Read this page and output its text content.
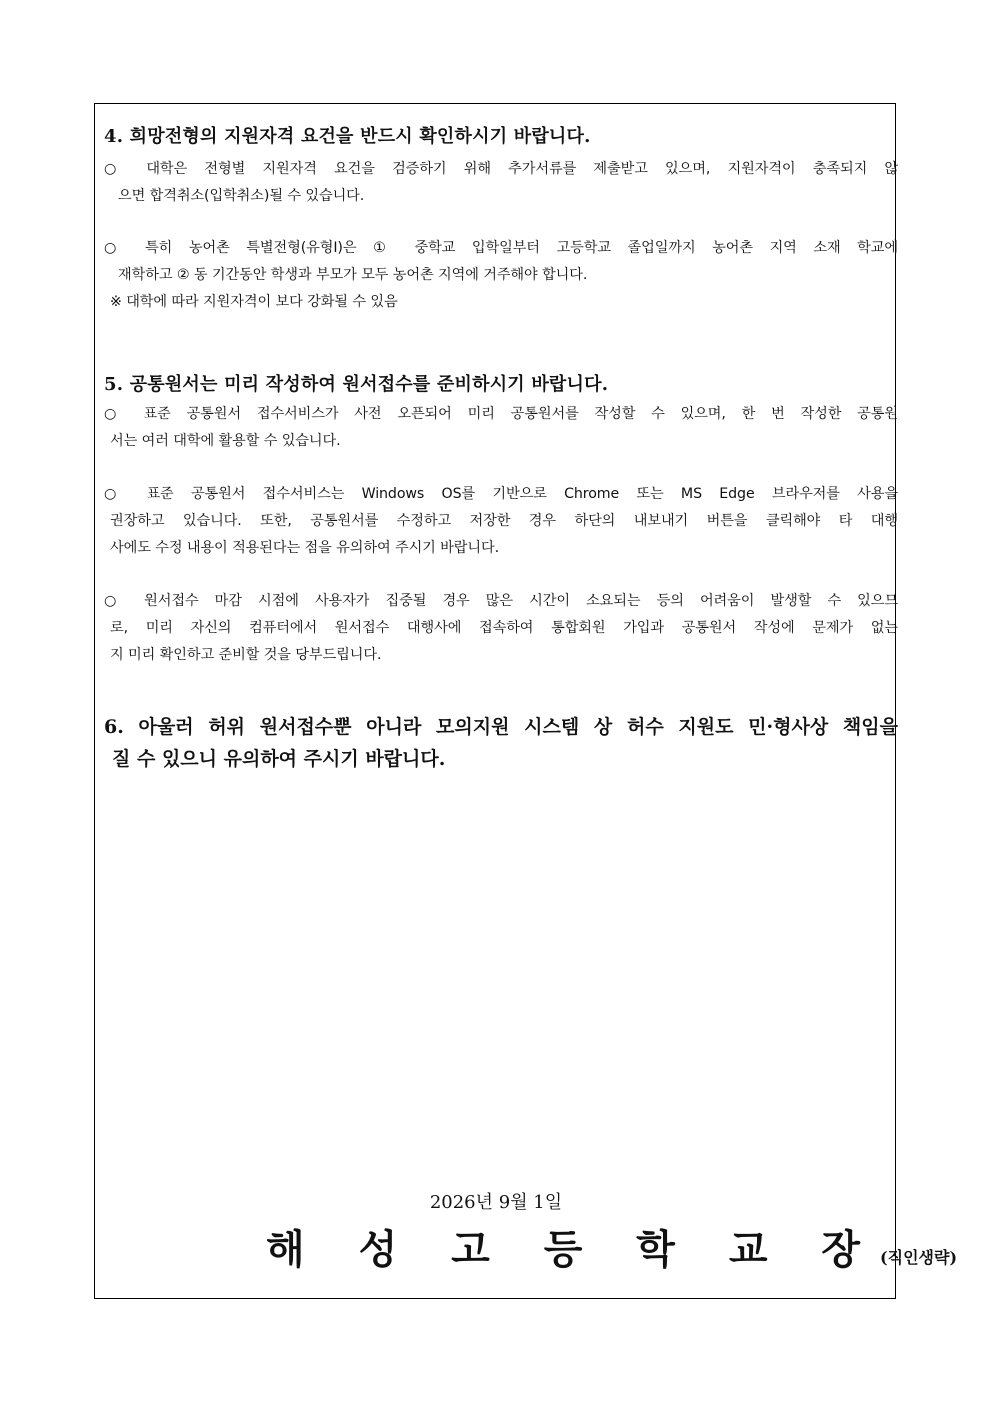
4. 희망전형의 지원자격 요건을 반드시 확인하시기 바랍니다.
○ 대학은 전형별 지원자격 요건을 검증하기 위해 추가서류를 제출받고 있으며, 지원자격이 충족되지 않
으면 합격취소(입학취소)될 수 있습니다.
○ 특히 농어촌 특별전형(유형I)은 ① 중학교 입학일부터 고등학교 졸업일까지 농어촌 지역 소재 학교에
재학하고 ② 동 기간동안 학생과 부모가 모두 농어촌 지역에 거주해야 합니다.
※ 대학에 따라 지원자격이 보다 강화될 수 있음
5. 공통원서는 미리 작성하여 원서접수를 준비하시기 바랍니다.
○ 표준 공통원서 접수서비스가 사전 오픈되어 미리 공통원서를 작성할 수 있으며, 한 번 작성한 공통원
서는 여러 대학에 활용할 수 있습니다.
○ 표준 공통원서 접수서비스는 Windows OS를 기반으로 Chrome 또는 MS Edge 브라우저를 사용을
권장하고 있습니다. 또한, 공통원서를 수정하고 저장한 경우 하단의 내보내기 버튼을 클릭해야 타 대행
사에도 수정 내용이 적용된다는 점을 유의하여 주시기 바랍니다.
○ 원서접수 마감 시점에 사용자가 집중될 경우 많은 시간이 소요되는 등의 어려움이 발생할 수 있으므
로, 미리 자신의 컴퓨터에서 원서접수 대행사에 접속하여 통합회원 가입과 공통원서 작성에 문제가 없는
지 미리 확인하고 준비할 것을 당부드립니다.
6. 아울러 허위 원서접수뿐 아니라 모의지원 시스템 상 허수 지원도 민·형사상 책임을
질 수 있으니 유의하여 주시기 바랍니다.
2026년 9월 1일
해 성 고 등 학 교 장(직인생략)
